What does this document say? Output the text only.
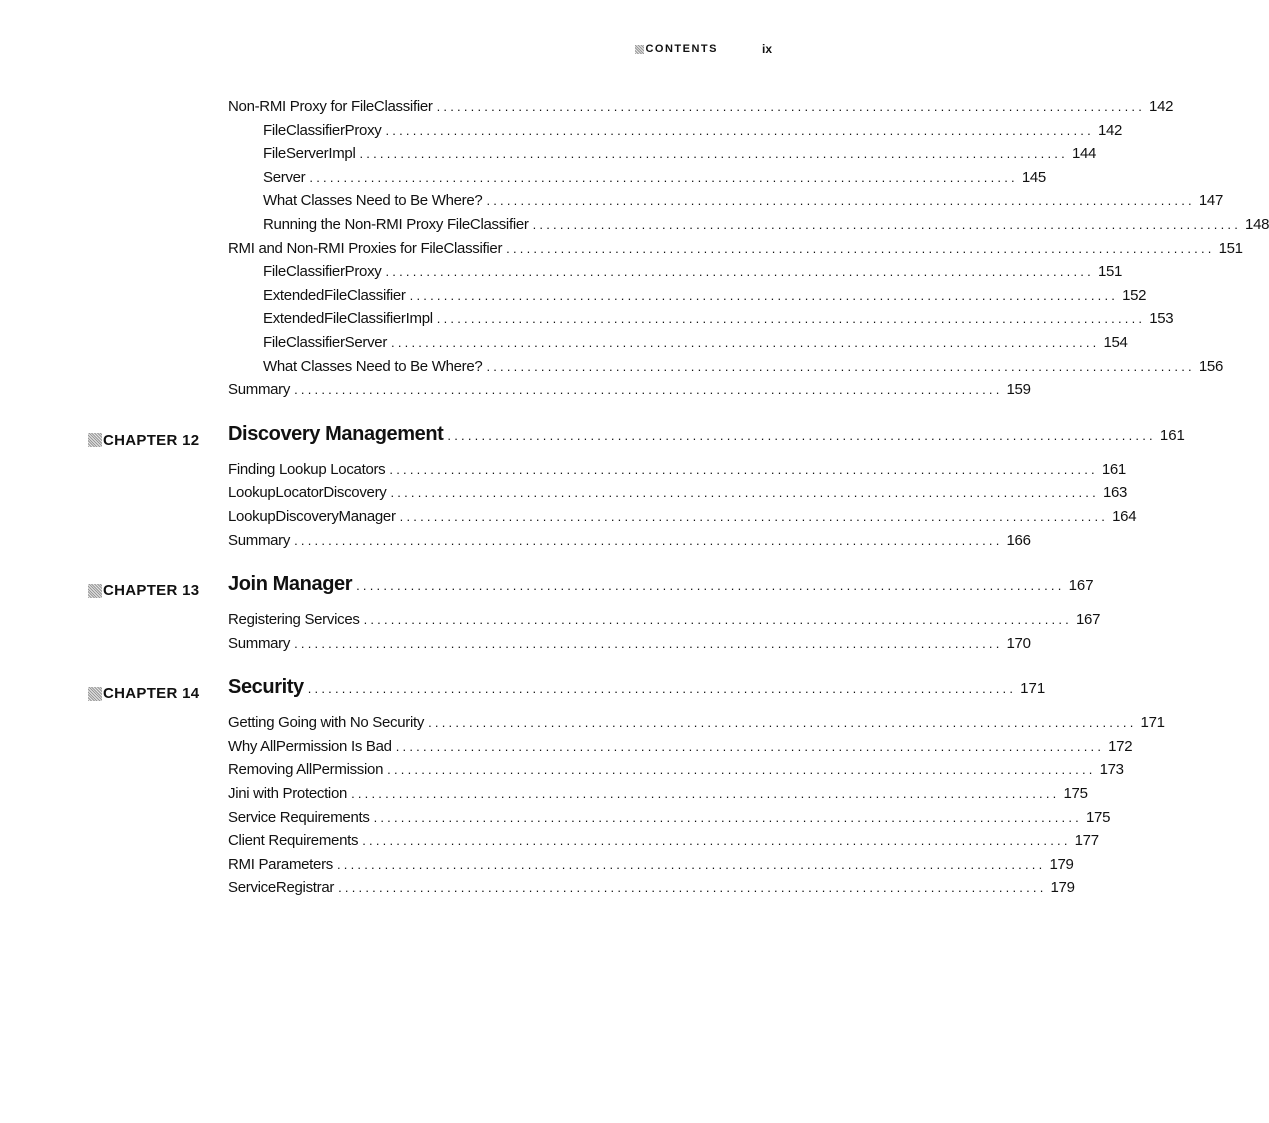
CONTENTS	ix
Non-RMI Proxy for FileClassifier ........................................................................................................ 142
FileClassifierProxy ........................................................................................................ 142
FileServerImpl ........................................................................................................ 144
Server ........................................................................................................ 145
What Classes Need to Be Where? ........................................................................................................ 147
Running the Non-RMI Proxy FileClassifier ........................................................................................................ 148
RMI and Non-RMI Proxies for FileClassifier ........................................................................................................ 151
FileClassifierProxy ........................................................................................................ 151
ExtendedFileClassifier ........................................................................................................ 152
ExtendedFileClassifierImpl ........................................................................................................ 153
FileClassifierServer ........................................................................................................ 154
What Classes Need to Be Where? ........................................................................................................ 156
Summary ........................................................................................................ 159
CHAPTER 12 Discovery Management ........................................................................................................ 161
Finding Lookup Locators ........................................................................................................ 161
LookupLocatorDiscovery ........................................................................................................ 163
LookupDiscoveryManager ........................................................................................................ 164
Summary ........................................................................................................ 166
CHAPTER 13 Join Manager ........................................................................................................ 167
Registering Services ........................................................................................................ 167
Summary ........................................................................................................ 170
CHAPTER 14 Security ........................................................................................................ 171
Getting Going with No Security ........................................................................................................ 171
Why AllPermission Is Bad ........................................................................................................ 172
Removing AllPermission ........................................................................................................ 173
Jini with Protection ........................................................................................................ 175
Service Requirements ........................................................................................................ 175
Client Requirements ........................................................................................................ 177
RMI Parameters ........................................................................................................ 179
ServiceRegistrar ........................................................................................................ 179
